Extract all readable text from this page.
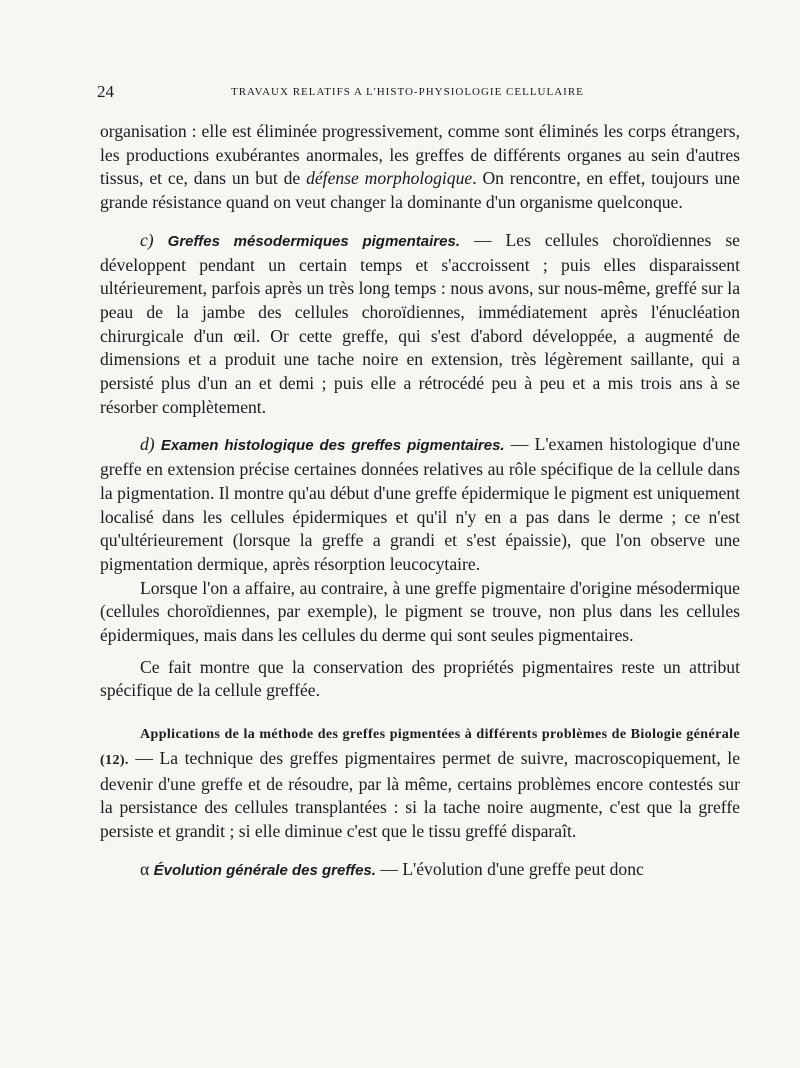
24	TRAVAUX RELATIFS A L'HISTO-PHYSIOLOGIE CELLULAIRE

organisation : elle est éliminée progressivement, comme sont éliminés les corps étrangers, les productions exubérantes anormales, les greffes de différents organes au sein d'autres tissus, et ce, dans un but de défense morphologique. On rencontre, en effet, toujours une grande résistance quand on veut changer la dominante d'un organisme quelconque.

c) Greffes mésodermiques pigmentaires. — Les cellules choroïdiennes se développent pendant un certain temps et s'accroissent ; puis elles disparaissent ultérieurement, parfois après un très long temps : nous avons, sur nous-même, greffé sur la peau de la jambe des cellules choroïdiennes, immédiatement après l'énucléation chirurgicale d'un œil. Or cette greffe, qui s'est d'abord développée, a augmenté de dimensions et a produit une tache noire en extension, très légèrement saillante, qui a persisté plus d'un an et demi ; puis elle a rétrocédé peu à peu et a mis trois ans à se résorber complètement.

d) Examen histologique des greffes pigmentaires. — L'examen histologique d'une greffe en extension précise certaines données relatives au rôle spécifique de la cellule dans la pigmentation. Il montre qu'au début d'une greffe épidermique le pigment est uniquement localisé dans les cellules épidermiques et qu'il n'y en a pas dans le derme ; ce n'est qu'ultérieurement (lorsque la greffe a grandi et s'est épaissie), que l'on observe une pigmentation dermique, après résorption leucocytaire.

Lorsque l'on a affaire, au contraire, à une greffe pigmentaire d'origine mésodermique (cellules choroïdiennes, par exemple), le pigment se trouve, non plus dans les cellules épidermiques, mais dans les cellules du derme qui sont seules pigmentaires.

Ce fait montre que la conservation des propriétés pigmentaires reste un attribut spécifique de la cellule greffée.

Applications de la méthode des greffes pigmentées à différents problèmes de Biologie générale (12). — La technique des greffes pigmentaires permet de suivre, macroscopiquement, le devenir d'une greffe et de résoudre, par là même, certains problèmes encore contestés sur la persistance des cellules transplantées : si la tache noire augmente, c'est que la greffe persiste et grandit ; si elle diminue c'est que le tissu greffé disparaît.

α Évolution générale des greffes. — L'évolution d'une greffe peut donc
